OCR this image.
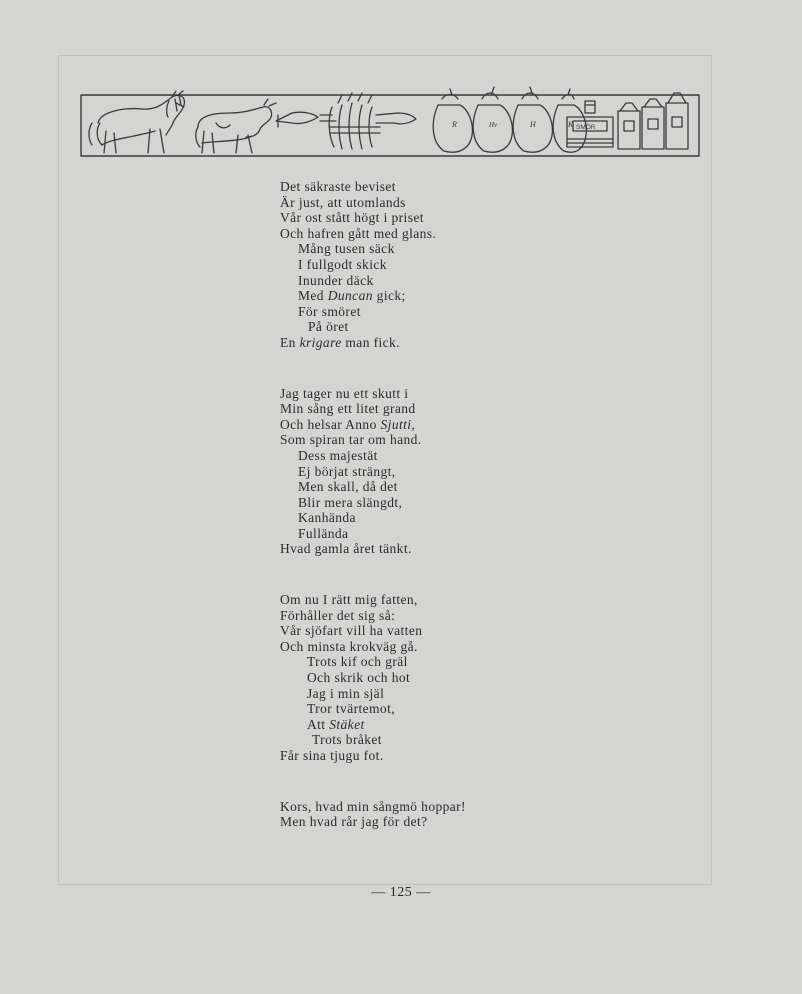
R	Hv	H	K SMÖR
Det säkraste beviset
Är just, att utomlands
Vår ost stått högt i priset
Och hafren gått med glans.
Mång tusen säck
I fullgodt skick
Inunder däck
Med Duncan gick;
För smöret
På öret
En krigare man fick.
Jag tager nu ett skutt i
Min sång ett litet grand
Och helsar Anno Sjutti,
Som spiran tar om hand.
Dess majestät
Ej börjat strängt,
Men skall, då det
Blir mera slängdt,
Kanhända
Fullända
Hvad gamla året tänkt.
Om nu I rätt mig fatten,
Förhåller det sig så:
Vår sjöfart vill ha vatten
Och minsta krokväg gå.
Trots kif och gräl
Och skrik och hot
Jag i min själ
Tror tvärtemot,
Att Stäket
Trots bråket
Får sina tjugu fot.
Kors, hvad min sångmö hoppar!
Men hvad rår jag för det?
— 125 —
